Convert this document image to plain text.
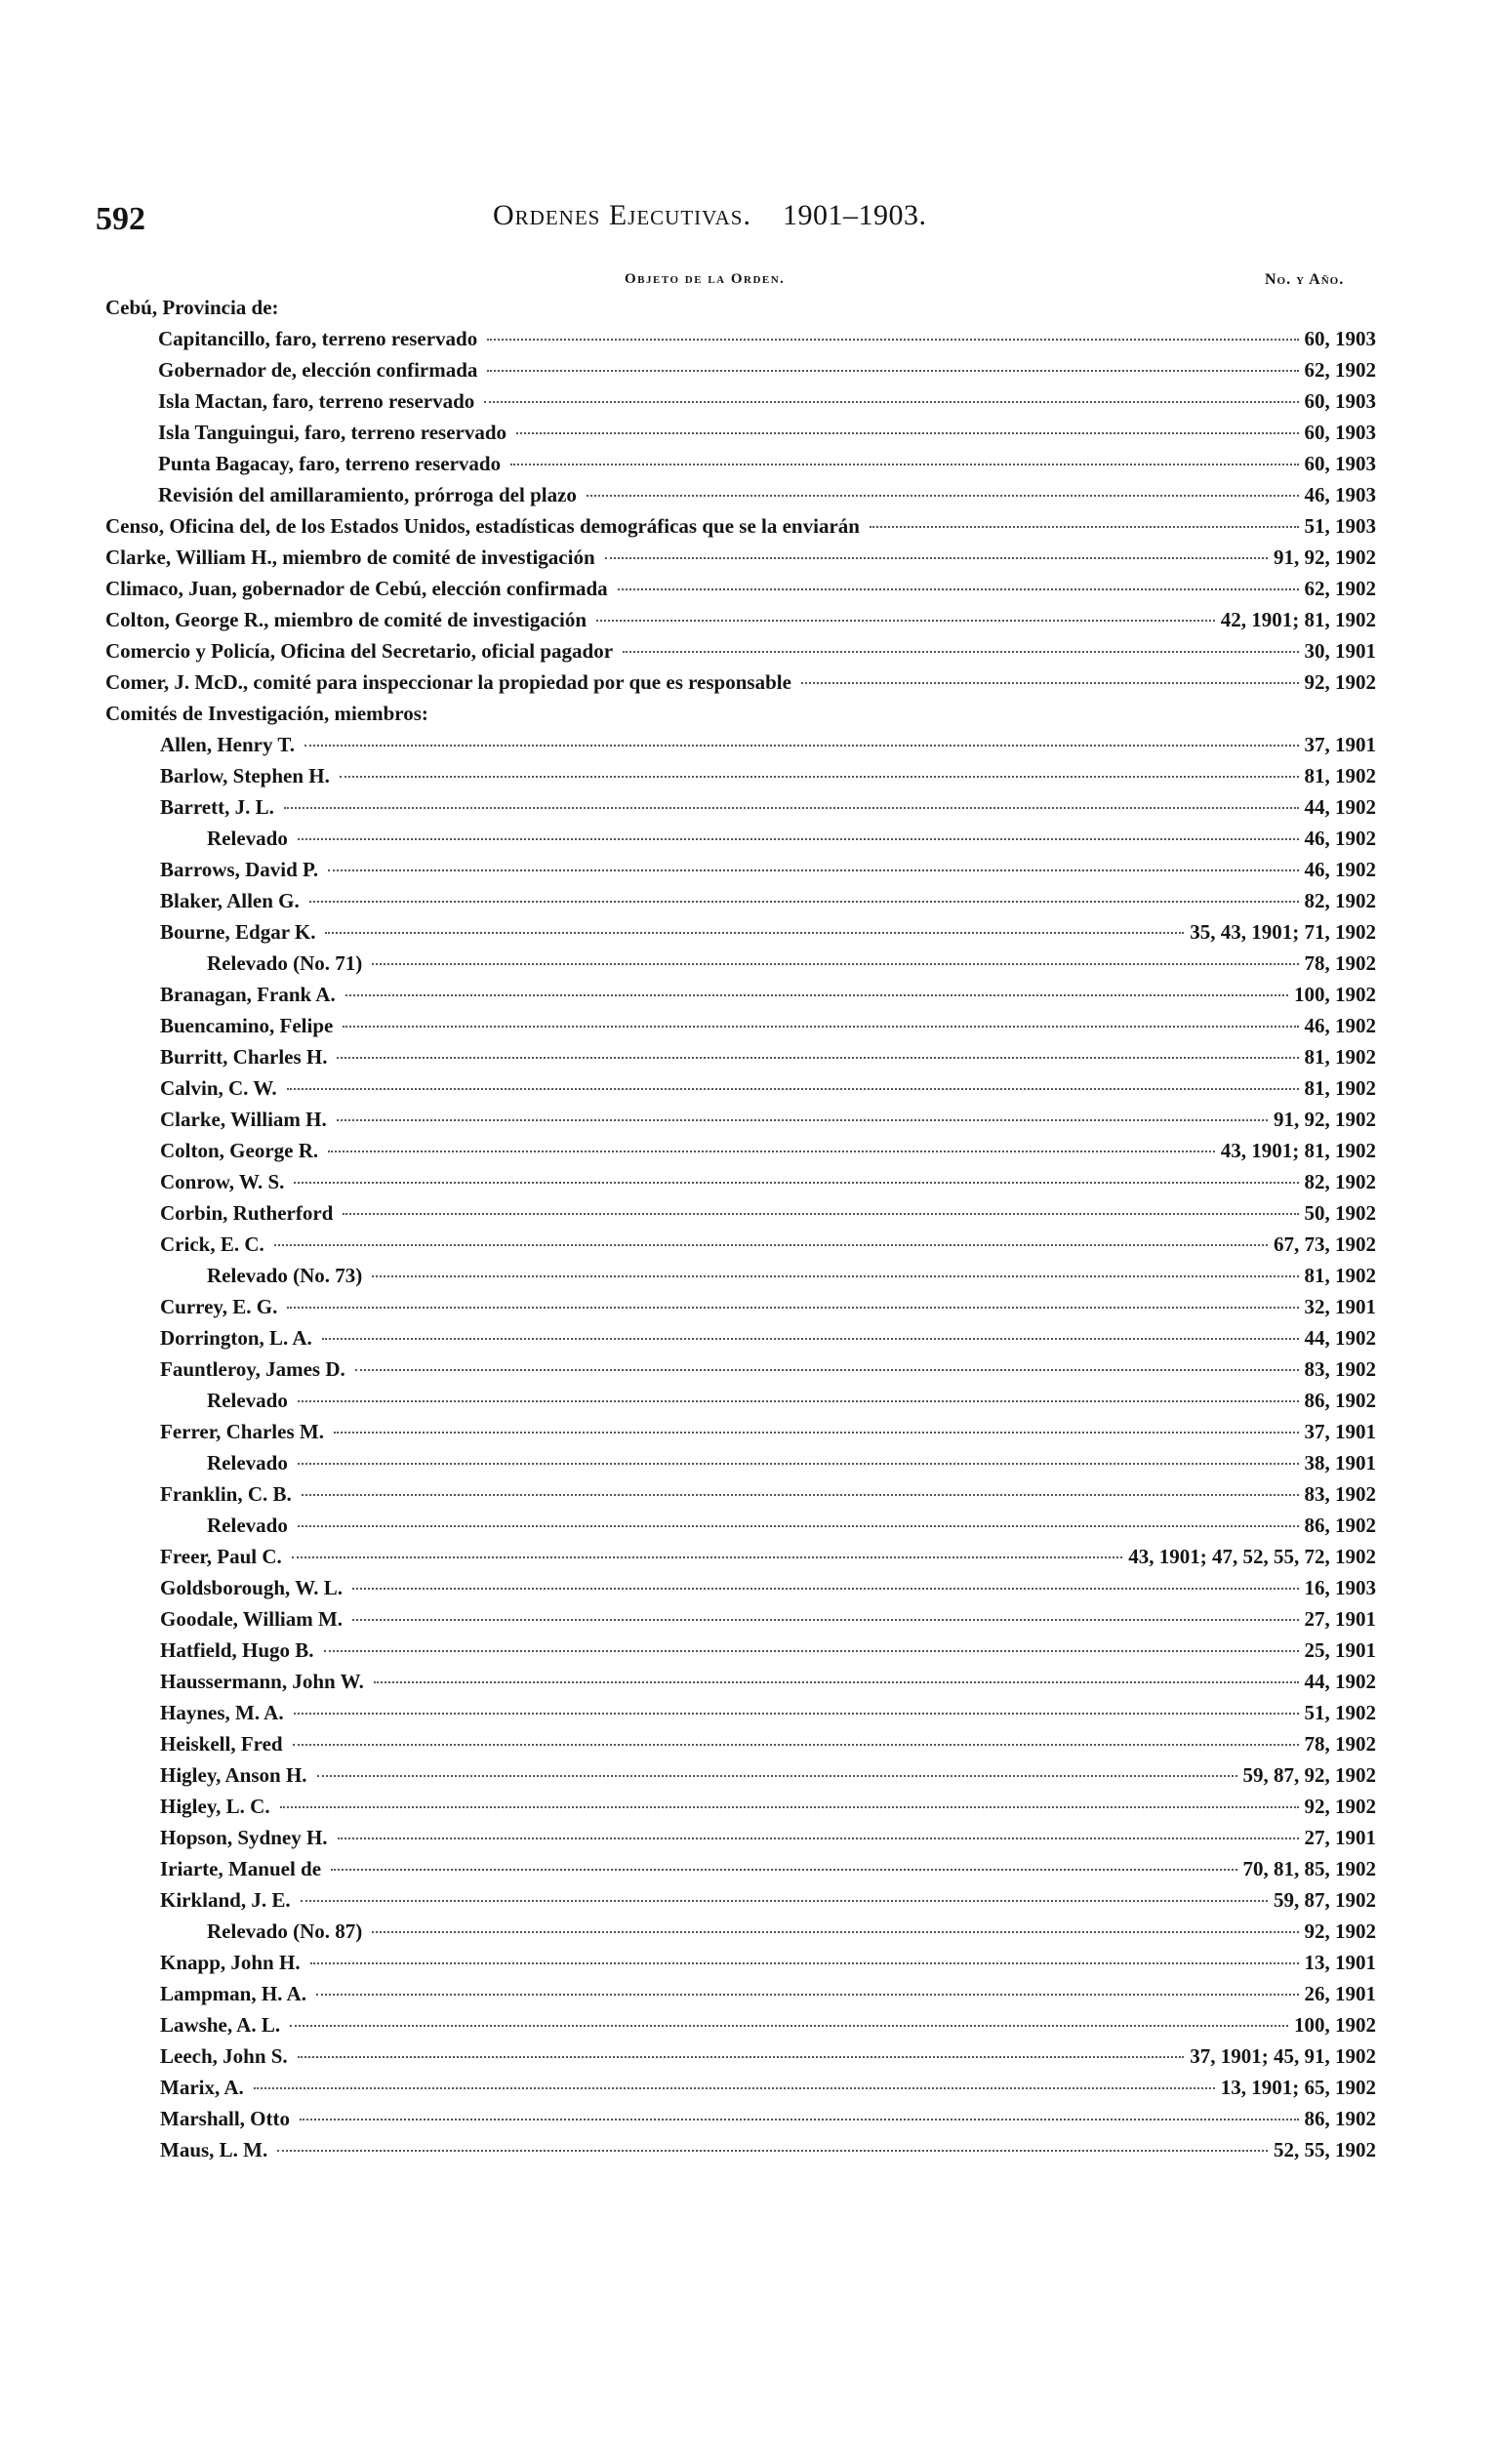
592	Ordenes Ejecutivas. 1901–1903.
Objeto de la Orden.	No. y Año.
Cebú, Provincia de:
Capitancillo, faro, terreno reservado	60, 1903
Gobernador de, elección confirmada	62, 1902
Isla Mactan, faro, terreno reservado	60, 1903
Isla Tanguingui, faro, terreno reservado	60, 1903
Punta Bagacay, faro, terreno reservado	60, 1903
Revisión del amillaramiento, prórroga del plazo	46, 1903
Censo, Oficina del, de los Estados Unidos, estadísticas demográficas que se la enviarán	51, 1903
Clarke, William H., miembro de comité de investigación	91, 92, 1902
Climaco, Juan, gobernador de Cebú, elección confirmada	62, 1902
Colton, George R., miembro de comité de investigación	42, 1901; 81, 1902
Comercio y Policía, Oficina del Secretario, oficial pagador	30, 1901
Comer, J. McD., comité para inspeccionar la propiedad por que es responsable	92, 1902
Comités de Investigación, miembros:
Allen, Henry T.	37, 1901
Barlow, Stephen H.	81, 1902
Barrett, J. L.	44, 1902
Relevado	46, 1902
Barrows, David P.	46, 1902
Blaker, Allen G.	82, 1902
Bourne, Edgar K.	35, 43, 1901; 71, 1902
Relevado (No. 71)	78, 1902
Branagan, Frank A.	100, 1902
Buencamino, Felipe	46, 1902
Burritt, Charles H.	81, 1902
Calvin, C. W.	81, 1902
Clarke, William H.	91, 92, 1902
Colton, George R.	43, 1901; 81, 1902
Conrow, W. S.	82, 1902
Corbin, Rutherford	50, 1902
Crick, E. C.	67, 73, 1902
Relevado (No. 73)	81, 1902
Currey, E. G.	32, 1901
Dorrington, L. A.	44, 1902
Fauntleroy, James D.	83, 1902
Relevado	86, 1902
Ferrer, Charles M.	37, 1901
Relevado	38, 1901
Franklin, C. B.	83, 1902
Relevado	86, 1902
Freer, Paul C.	43, 1901; 47, 52, 55, 72, 1902
Goldsborough, W. L.	16, 1903
Goodale, William M.	27, 1901
Hatfield, Hugo B.	25, 1901
Haussermann, John W.	44, 1902
Haynes, M. A.	51, 1902
Heiskell, Fred	78, 1902
Higley, Anson H.	59, 87, 92, 1902
Higley, L. C.	92, 1902
Hopson, Sydney H.	27, 1901
Iriarte, Manuel de	70, 81, 85, 1902
Kirkland, J. E.	59, 87, 1902
Relevado (No. 87)	92, 1902
Knapp, John H.	13, 1901
Lampman, H. A.	26, 1901
Lawshe, A. L.	100, 1902
Leech, John S.	37, 1901; 45, 91, 1902
Marix, A.	13, 1901; 65, 1902
Marshall, Otto	86, 1902
Maus, L. M.	52, 55, 1902
